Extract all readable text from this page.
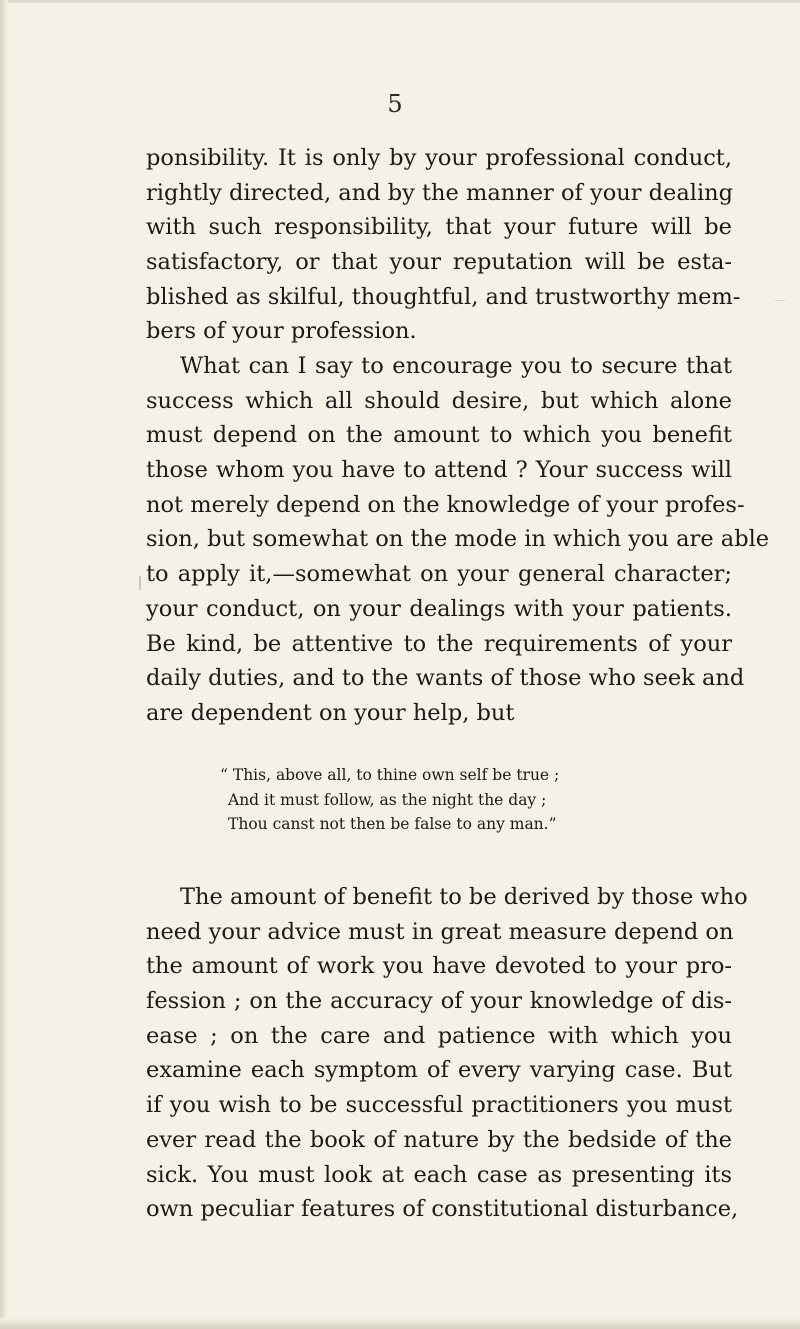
5

ponsibility. It is only by your professional conduct,
rightly directed, and by the manner of your dealing
with such responsibility, that your future will be
satisfactory, or that your reputation will be esta-
blished as skilful, thoughtful, and trustworthy mem-
bers of your profession.

What can I say to encourage you to secure that
success which all should desire, but which alone
must depend on the amount to which you benefit
those whom you have to attend ? Your success will
not merely depend on the knowledge of your profes-
sion, but somewhat on the mode in which you are able
to apply it,—somewhat on your general character;
your conduct, on your dealings with your patients.
Be kind, be attentive to the requirements of your
daily duties, and to the wants of those who seek and
are dependent on your help, but

“ This, above all, to thine own self be true ;
And it must follow, as the night the day ;
Thou canst not then be false to any man.”

The amount of benefit to be derived by those who
need your advice must in great measure depend on
the amount of work you have devoted to your pro-
fession ; on the accuracy of your knowledge of dis-
ease ; on the care and patience with which you
examine each symptom of every varying case. But
if you wish to be successful practitioners you must
ever read the book of nature by the bedside of the
sick. You must look at each case as presenting its
own peculiar features of constitutional disturbance,
